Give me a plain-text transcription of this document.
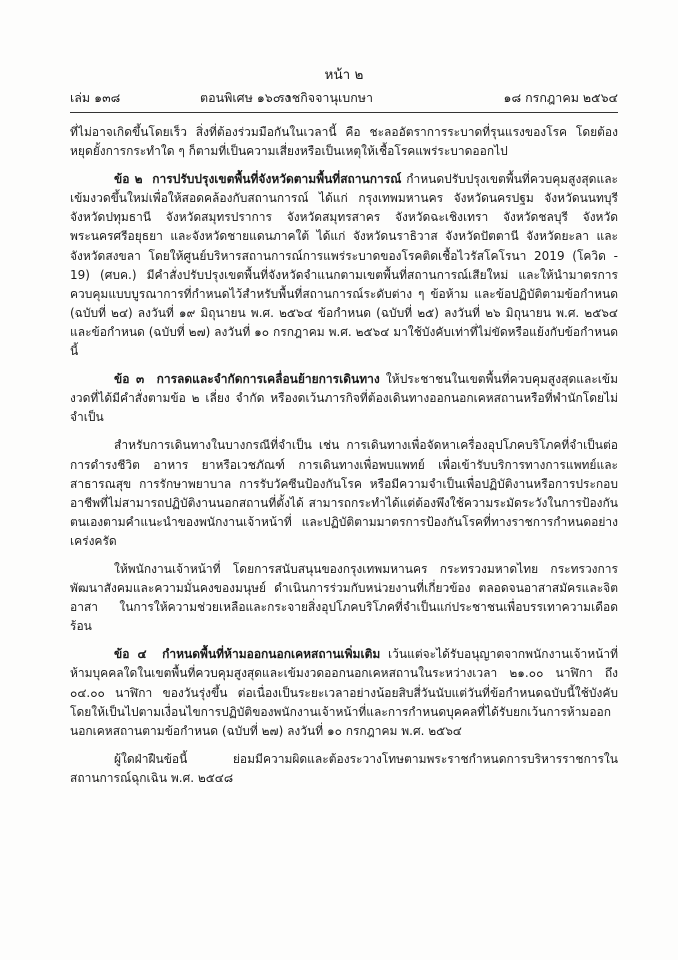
หน้า ๒
เล่ม ๑๓๘	ตอนพิเศษ ๑๖๐ ง
ราชกิจจานุเบกษา	๑๘ กรกฎาคม ๒๕๖๔

ที่ไม่อาจเกิดขึ้นโดยเร็ว สิ่งที่ต้องร่วมมือกันในเวลานี้ คือ ชะลออัตราการระบาดที่รุนแรงของโรค โดยต้องหยุดยั้งการกระทำใด ๆ ก็ตามที่เป็นความเสี่ยงหรือเป็นเหตุให้เชื้อโรคแพร่ระบาดออกไป

ข้อ ๒ การปรับปรุงเขตพื้นที่จังหวัดตามพื้นที่สถานการณ์ กำหนดปรับปรุงเขตพื้นที่ควบคุมสูงสุดและเข้มงวดขึ้นใหม่เพื่อให้สอดคล้องกับสถานการณ์ ได้แก่ กรุงเทพมหานคร จังหวัดนครปฐม จังหวัดนนทบุรี จังหวัดปทุมธานี จังหวัดสมุทรปราการ จังหวัดสมุทรสาคร จังหวัดฉะเชิงเทรา จังหวัดชลบุรี จังหวัดพระนครศรีอยุธยา และจังหวัดชายแดนภาคใต้ ได้แก่ จังหวัดนราธิวาส จังหวัดปัตตานี จังหวัดยะลา และจังหวัดสงขลา โดยให้ศูนย์บริหารสถานการณ์การแพร่ระบาดของโรคติดเชื้อไวรัสโคโรนา 2019 (โควิด - 19) (ศบค.) มีคำสั่งปรับปรุงเขตพื้นที่จังหวัดจำแนกตามเขตพื้นที่สถานการณ์เสียใหม่ และให้นำมาตรการควบคุมแบบบูรณาการที่กำหนดไว้สำหรับพื้นที่สถานการณ์ระดับต่าง ๆ ข้อห้าม และข้อปฏิบัติตามข้อกำหนด (ฉบับที่ ๒๔) ลงวันที่ ๑๙ มิถุนายน พ.ศ. ๒๕๖๔ ข้อกำหนด (ฉบับที่ ๒๕) ลงวันที่ ๒๖ มิถุนายน พ.ศ. ๒๕๖๔ และข้อกำหนด (ฉบับที่ ๒๗) ลงวันที่ ๑๐ กรกฎาคม พ.ศ. ๒๕๖๔ มาใช้บังคับเท่าที่ไม่ขัดหรือแย้งกับข้อกำหนดนี้

ข้อ ๓ การลดและจำกัดการเคลื่อนย้ายการเดินทาง ให้ประชาชนในเขตพื้นที่ควบคุมสูงสุดและเข้มงวดที่ได้มีคำสั่งตามข้อ ๒ เลี่ยง จำกัด หรืองดเว้นภารกิจที่ต้องเดินทางออกนอกเคหสถานหรือที่พำนักโดยไม่จำเป็น

สำหรับการเดินทางในบางกรณีที่จำเป็น เช่น การเดินทางเพื่อจัดหาเครื่องอุปโภคบริโภคที่จำเป็นต่อการดำรงชีวิต อาหาร ยาหรือเวชภัณฑ์ การเดินทางเพื่อพบแพทย์ เพื่อเข้ารับบริการทางการแพทย์และสาธารณสุข การรักษาพยาบาล การรับวัคซีนป้องกันโรค หรือมีความจำเป็นเพื่อปฏิบัติงานหรือการประกอบอาชีพที่ไม่สามารถปฏิบัติงานนอกสถานที่ตั้งได้ สามารถกระทำได้แต่ต้องพึงใช้ความระมัดระวังในการป้องกันตนเองตามคำแนะนำของพนักงานเจ้าหน้าที่ และปฏิบัติตามมาตรการป้องกันโรคที่ทางราชการกำหนดอย่างเคร่งครัด

ให้พนักงานเจ้าหน้าที่ โดยการสนับสนุนของกรุงเทพมหานคร กระทรวงมหาดไทย กระทรวงการพัฒนาสังคมและความมั่นคงของมนุษย์ ดำเนินการร่วมกับหน่วยงานที่เกี่ยวข้อง ตลอดจนอาสาสมัครและจิตอาสา ในการให้ความช่วยเหลือและกระจายสิ่งอุปโภคบริโภคที่จำเป็นแก่ประชาชนเพื่อบรรเทาความเดือดร้อน

ข้อ ๔ กำหนดพื้นที่ห้ามออกนอกเคหสถานเพิ่มเติม เว้นแต่จะได้รับอนุญาตจากพนักงานเจ้าหน้าที่ ห้ามบุคคลใดในเขตพื้นที่ควบคุมสูงสุดและเข้มงวดออกนอกเคหสถานในระหว่างเวลา ๒๑.๐๐ นาฬิกา ถึง ๐๔.๐๐ นาฬิกา ของวันรุ่งขึ้น ต่อเนื่องเป็นระยะเวลาอย่างน้อยสิบสี่วันนับแต่วันที่ข้อกำหนดฉบับนี้ใช้บังคับ โดยให้เป็นไปตามเงื่อนไขการปฏิบัติของพนักงานเจ้าหน้าที่และการกำหนดบุคคลที่ได้รับยกเว้นการห้ามออกนอกเคหสถานตามข้อกำหนด (ฉบับที่ ๒๗) ลงวันที่ ๑๐ กรกฎาคม พ.ศ. ๒๕๖๔

ผู้ใดฝ่าฝืนข้อนี้ ย่อมมีความผิดและต้องระวางโทษตามพระราชกำหนดการบริหารราชการในสถานการณ์ฉุกเฉิน พ.ศ. ๒๕๔๘
